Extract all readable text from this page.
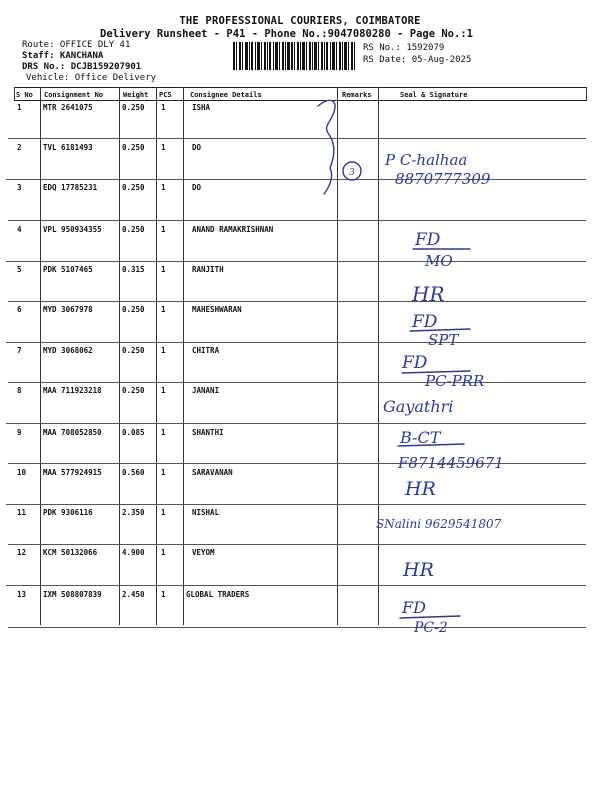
THE PROFESSIONAL COURIERS, COIMBATORE
Delivery Runsheet - P41 - Phone No.:9047080280 - Page No.:1
Route: OFFICE DLY 41
Staff: KANCHANA
DRS No.: DCJB159207901
Vehicle: Office Delivery
RS No.: 1592079
RS Date: 05-Aug-2025
S No Consignment No	Weight PCS	Consignee Details	Remarks	Seal & Signature
1	MTR 2641075	0.250 1	ISHA
2	TVL 6181493	0.250 1	DO
3	EDQ 17785231	0.250 1	DO
4	VPL 950934355	0.250 1	ANAND RAMAKRISHNAN
5	PDK 5107465	0.315 1	RANJITH
6	MYD 3067978	0.250 1	MAHESHWARAN
7	MYD 3068062	0.250 1	CHITRA
8	MAA 711923218	0.250 1	JANANI
9	MAA 708052850	0.085 1	SHANTHI
10 MAA 577924915	0.560 1	SARAVANAN
11 PDK 9306116	2.350 1	NISHAL
12 KCM 50132066	4.900 1	VEYOM
13 IXM 508807839	2.450 1	GLOBAL TRADERS
3
P C-halhaa
8870777309
FD
MO
HR
FD
SPT
FD
PC-PRR
Gayathri
B-CT
F8714459671
HR
SNalini 9629541807
HR
FD
PC-2
